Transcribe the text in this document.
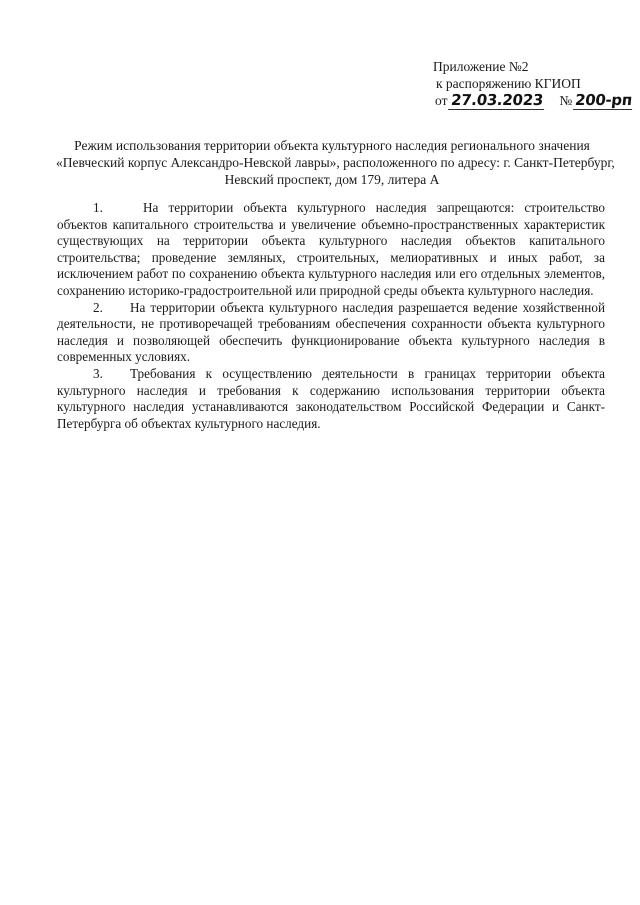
Приложение №2
к распоряжению КГИОП
от 27.03.2023 № 200-рп
Режим использования территории объекта культурного наследия регионального значения
«Певческий корпус Александро-Невской лавры», расположенного по адресу: г. Санкт-Петербург,
Невский проспект, дом 179, литера А

1.	На территории объекта культурного наследия запрещаются: строительство объектов капитального строительства и увеличение объемно-пространственных характеристик существующих на территории объекта культурного наследия объектов капитального строительства; проведение земляных, строительных, мелиоративных и иных работ, за исключением работ по сохранению объекта культурного наследия или его отдельных элементов, сохранению историко-градостроительной или природной среды объекта культурного наследия.

2. На территории объекта культурного наследия разрешается ведение хозяйственной деятельности, не противоречащей требованиям обеспечения сохранности объекта культурного наследия и позволяющей обеспечить функционирование объекта культурного наследия в современных условиях.

3. Требования к осуществлению деятельности в границах территории объекта культурного наследия и требования к содержанию использования территории объекта культурного наследия устанавливаются законодательством Российской Федерации и Санкт-Петербурга об объектах культурного наследия.
